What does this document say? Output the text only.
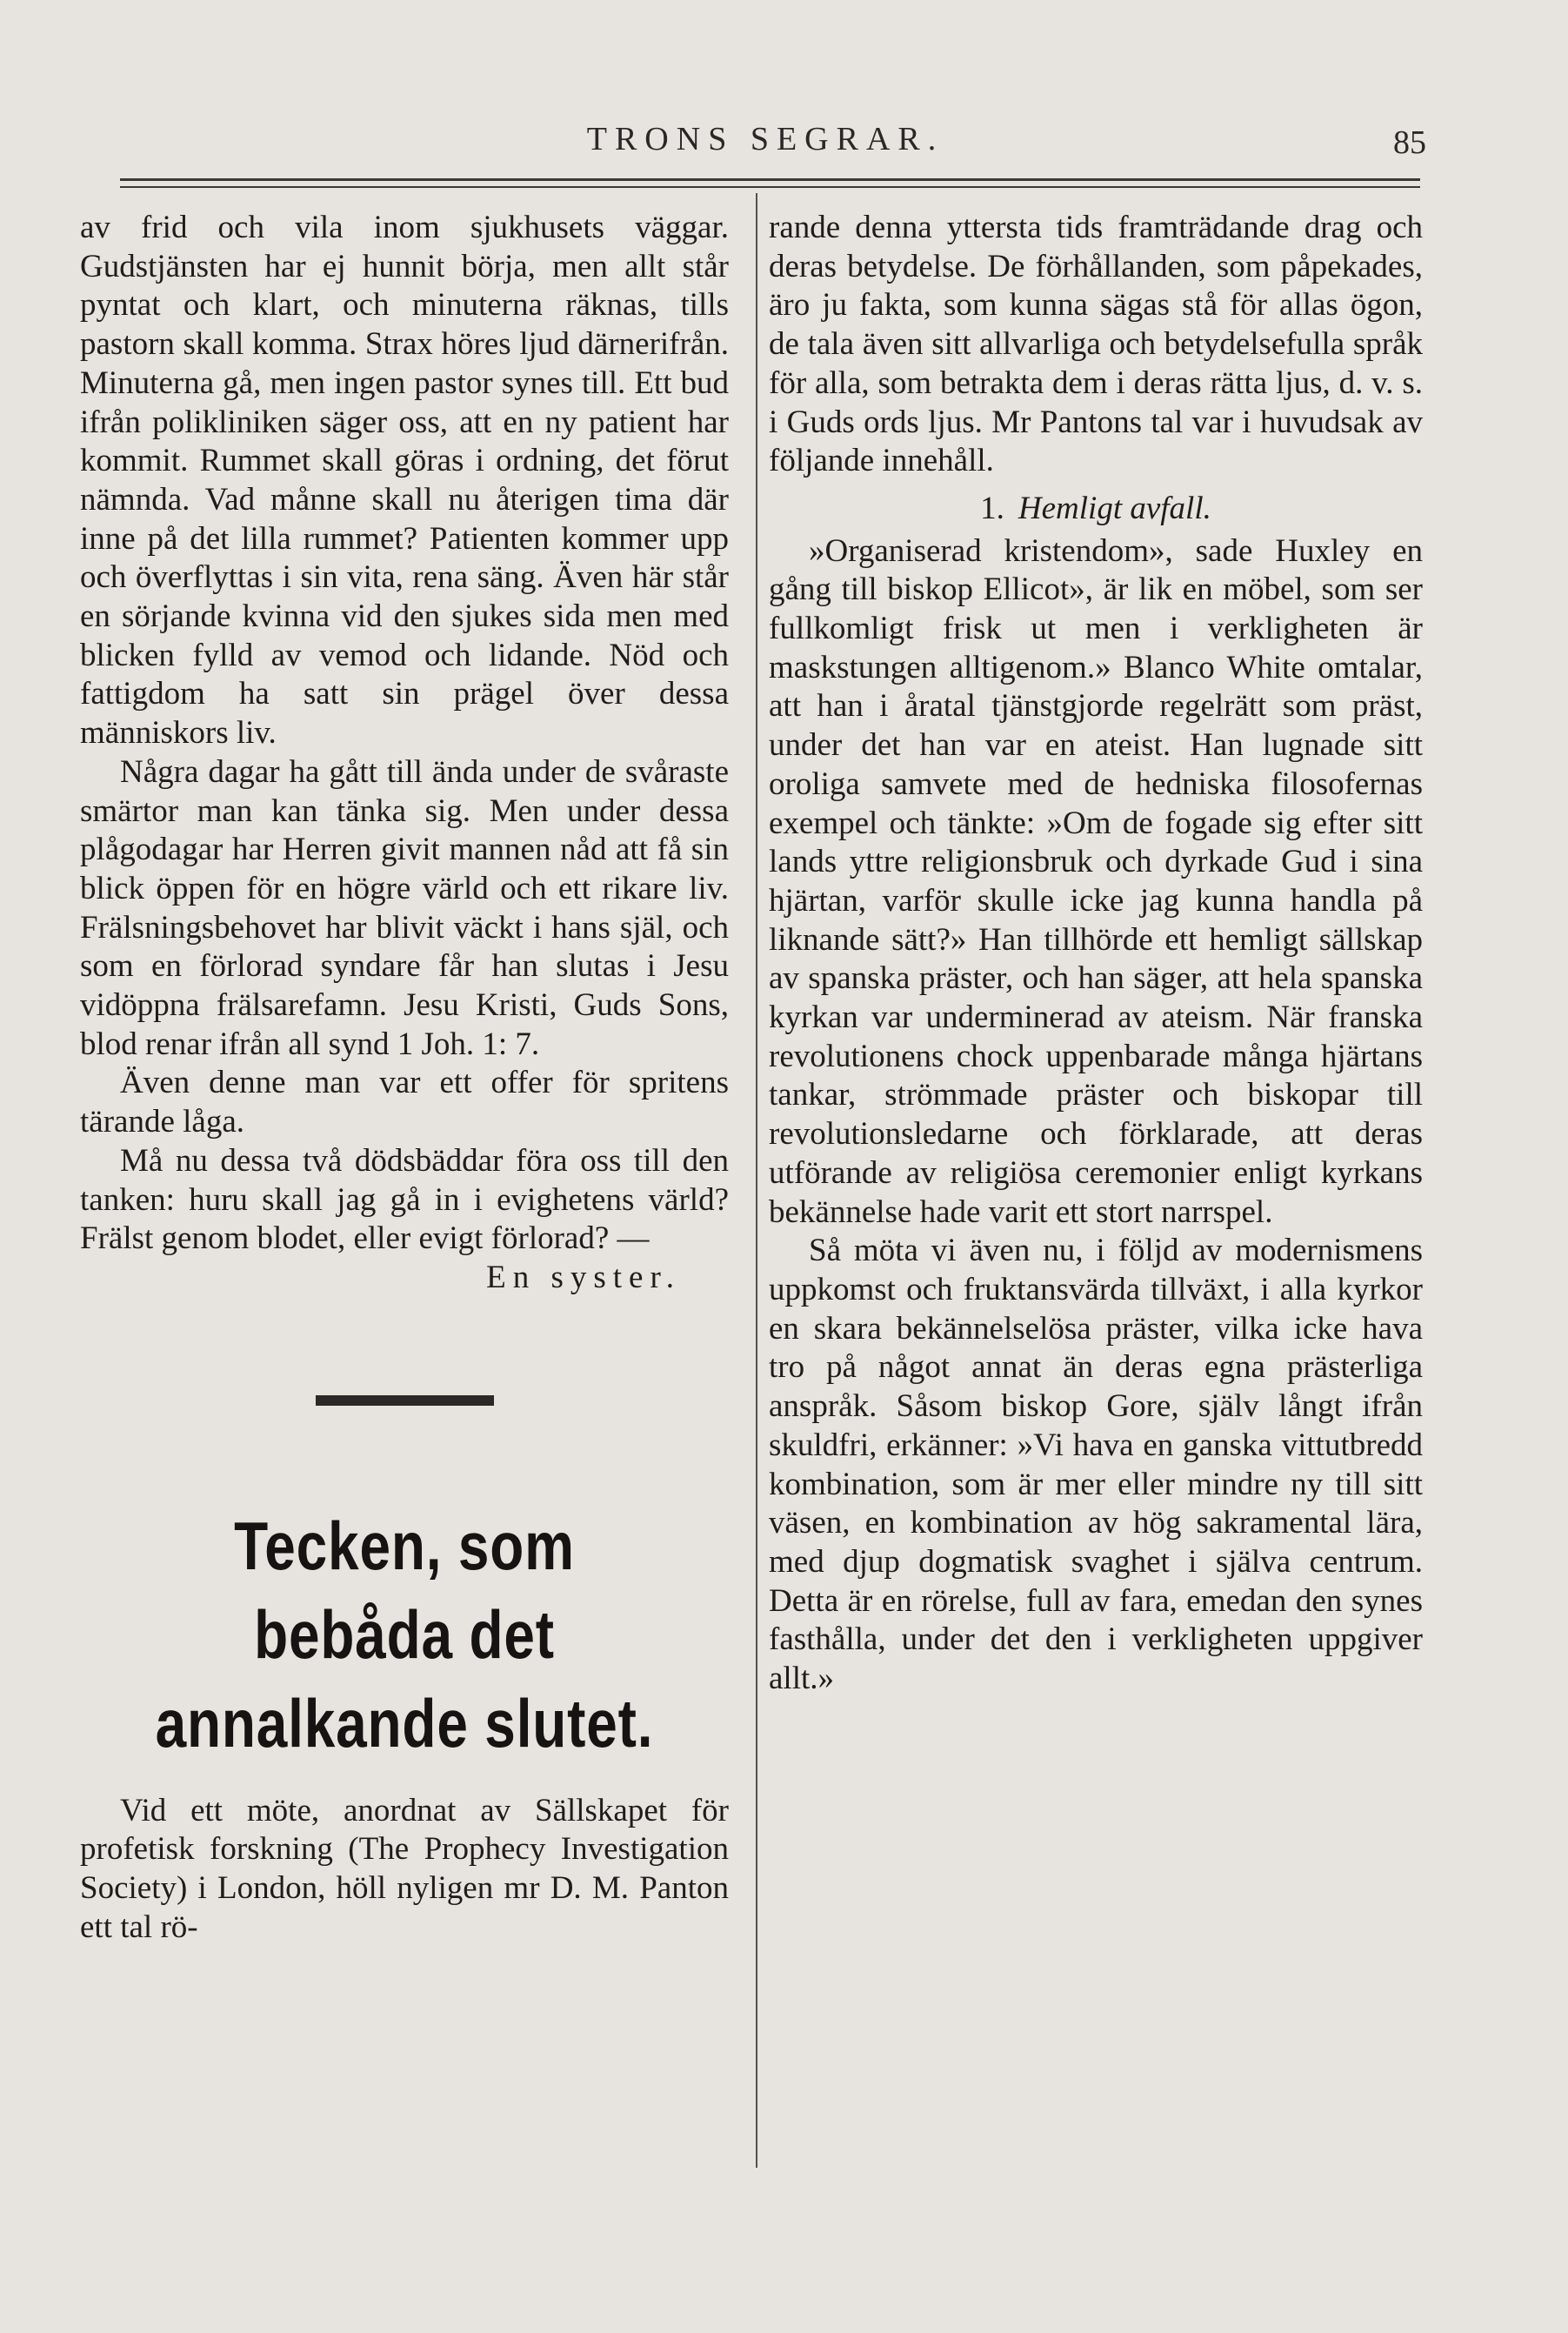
TRONS SEGRAR.	85

av frid och vila inom sjukhusets väggar. Gudstjänsten har ej hunnit börja, men allt står pyntat och klart, och minuterna räknas, tills pastorn skall komma. Strax höres ljud därnerifrån. Minuterna gå, men ingen pastor synes till. Ett bud ifrån polikliniken säger oss, att en ny patient har kommit. Rummet skall göras i ordning, det förut nämnda. Vad månne skall nu återigen tima där inne på det lilla rummet? Patienten kommer upp och överflyttas i sin vita, rena säng. Även här står en sörjande kvinna vid den sjukes sida men med blicken fylld av vemod och lidande. Nöd och fattigdom ha satt sin prägel över dessa människors liv.

Några dagar ha gått till ända under de svåraste smärtor man kan tänka sig. Men under dessa plågodagar har Herren givit mannen nåd att få sin blick öppen för en högre värld och ett rikare liv. Frälsningsbehovet har blivit väckt i hans själ, och som en förlorad syndare får han slutas i Jesu vidöppna frälsarefamn. Jesu Kristi, Guds Sons, blod renar ifrån all synd 1 Joh. 1: 7.

Även denne man var ett offer för spritens tärande låga.

Må nu dessa två dödsbäddar föra oss till den tanken: huru skall jag gå in i evighetens värld? Frälst genom blodet, eller evigt förlorad? —

En syster.

Tecken, som bebåda det
annalkande slutet.

Vid ett möte, anordnat av Sällskapet för profetisk forskning (The Prophecy Investigation Society) i London, höll nyligen mr D. M. Panton ett tal rö-

rande denna yttersta tids framträdande drag och deras betydelse. De förhållanden, som påpekades, äro ju fakta, som kunna sägas stå för allas ögon, de tala även sitt allvarliga och betydelsefulla språk för alla, som betrakta dem i deras rätta ljus, d. v. s. i Guds ords ljus. Mr Pantons tal var i huvudsak av följande innehåll.

1. Hemligt avfall.

»Organiserad kristendom», sade Huxley en gång till biskop Ellicot», är lik en möbel, som ser fullkomligt frisk ut men i verkligheten är maskstungen alltigenom.» Blanco White omtalar, att han i åratal tjänstgjorde regelrätt som präst, under det han var en ateist. Han lugnade sitt oroliga samvete med de hedniska filosofernas exempel och tänkte: »Om de fogade sig efter sitt lands yttre religionsbruk och dyrkade Gud i sina hjärtan, varför skulle icke jag kunna handla på liknande sätt?» Han tillhörde ett hemligt sällskap av spanska präster, och han säger, att hela spanska kyrkan var underminerad av ateism. När franska revolutionens chock uppenbarade många hjärtans tankar, strömmade präster och biskopar till revolutionsledarne och förklarade, att deras utförande av religiösa ceremonier enligt kyrkans bekännelse hade varit ett stort narrspel.

Så möta vi även nu, i följd av modernismens uppkomst och fruktansvärda tillväxt, i alla kyrkor en skara bekännelselösa präster, vilka icke hava tro på något annat än deras egna prästerliga anspråk. Såsom biskop Gore, själv långt ifrån skuldfri, erkänner: »Vi hava en ganska vittutbredd kombination, som är mer eller mindre ny till sitt väsen, en kombination av hög sakramental lära, med djup dogmatisk svaghet i själva centrum. Detta är en rörelse, full av fara, emedan den synes fasthålla, under det den i verkligheten uppgiver allt.»
